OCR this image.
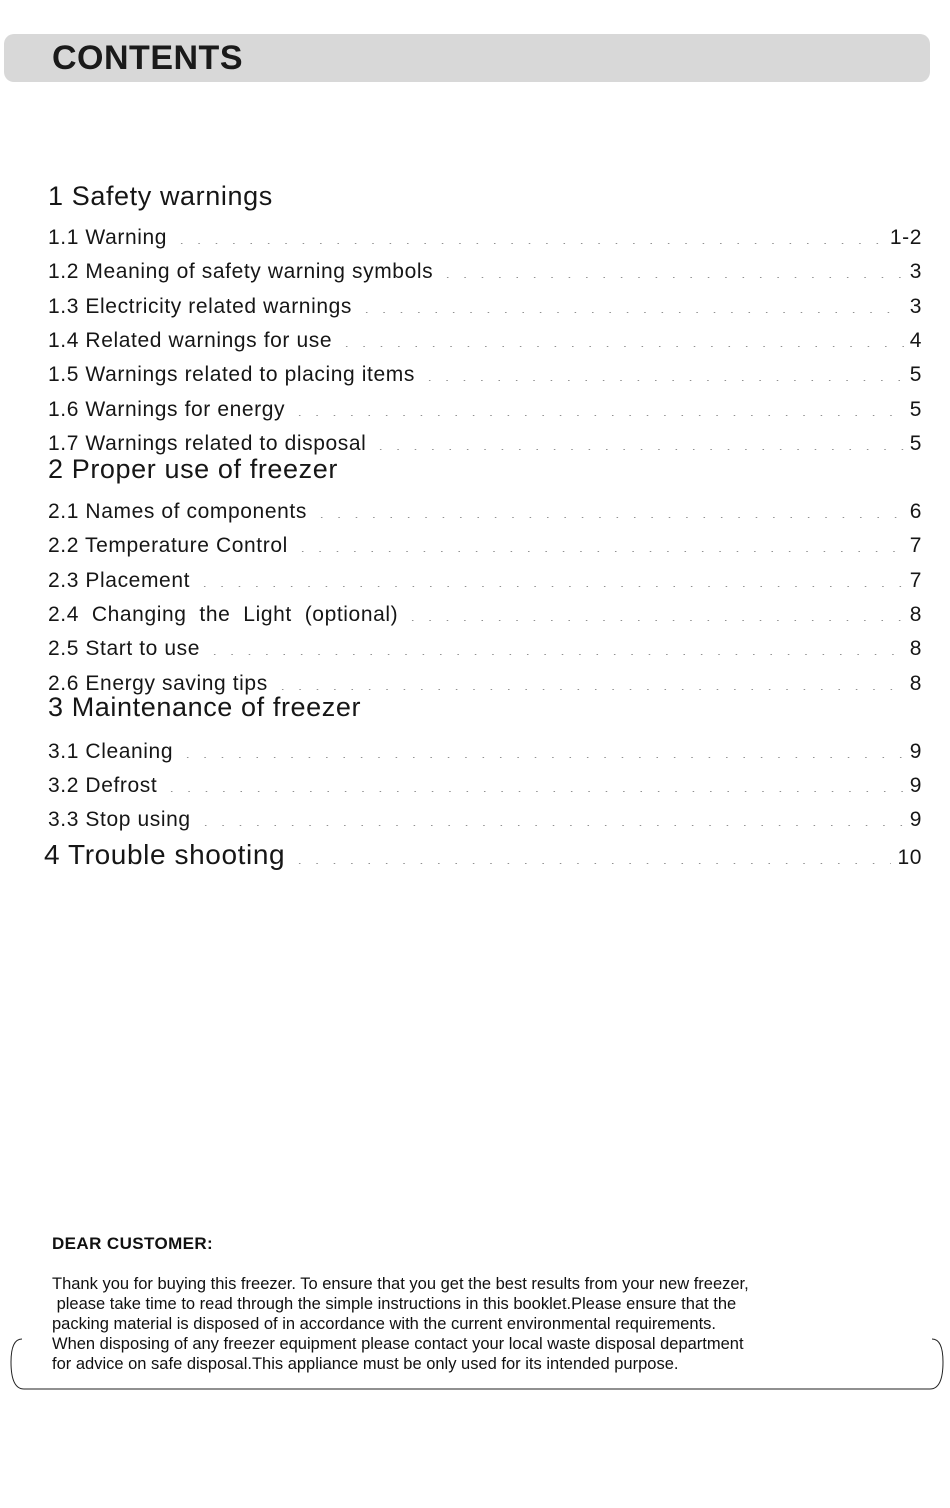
CONTENTS
1 Safety warnings
1.1 Warning	1-2
1.2 Meaning of safety warning symbols	3
1.3 Electricity related warnings	3
1.4 Related warnings for use	4
1.5 Warnings related to placing items	5
1.6 Warnings for energy	5
1.7 Warnings related to disposal	5
2 Proper use of freezer
2.1 Names of components	6
2.2 Temperature Control	7
2.3 Placement	7
2.4  Changing  the  Light  (optional)	8
2.5 Start to use	8
2.6 Energy saving tips	8
3 Maintenance of freezer
3.1 Cleaning	9
3.2 Defrost	9
3.3 Stop using	9
4 Trouble shooting	10
DEAR CUSTOMER:

Thank you for buying this freezer. To ensure that you get the best results from your new freezer,

please take time to read through the simple instructions in this booklet.Please ensure that the

packing material is disposed of in accordance with the current environmental requirements.

When disposing of any freezer equipment please contact your local waste disposal department

for advice on safe disposal.This appliance must be only used for its intended purpose.
